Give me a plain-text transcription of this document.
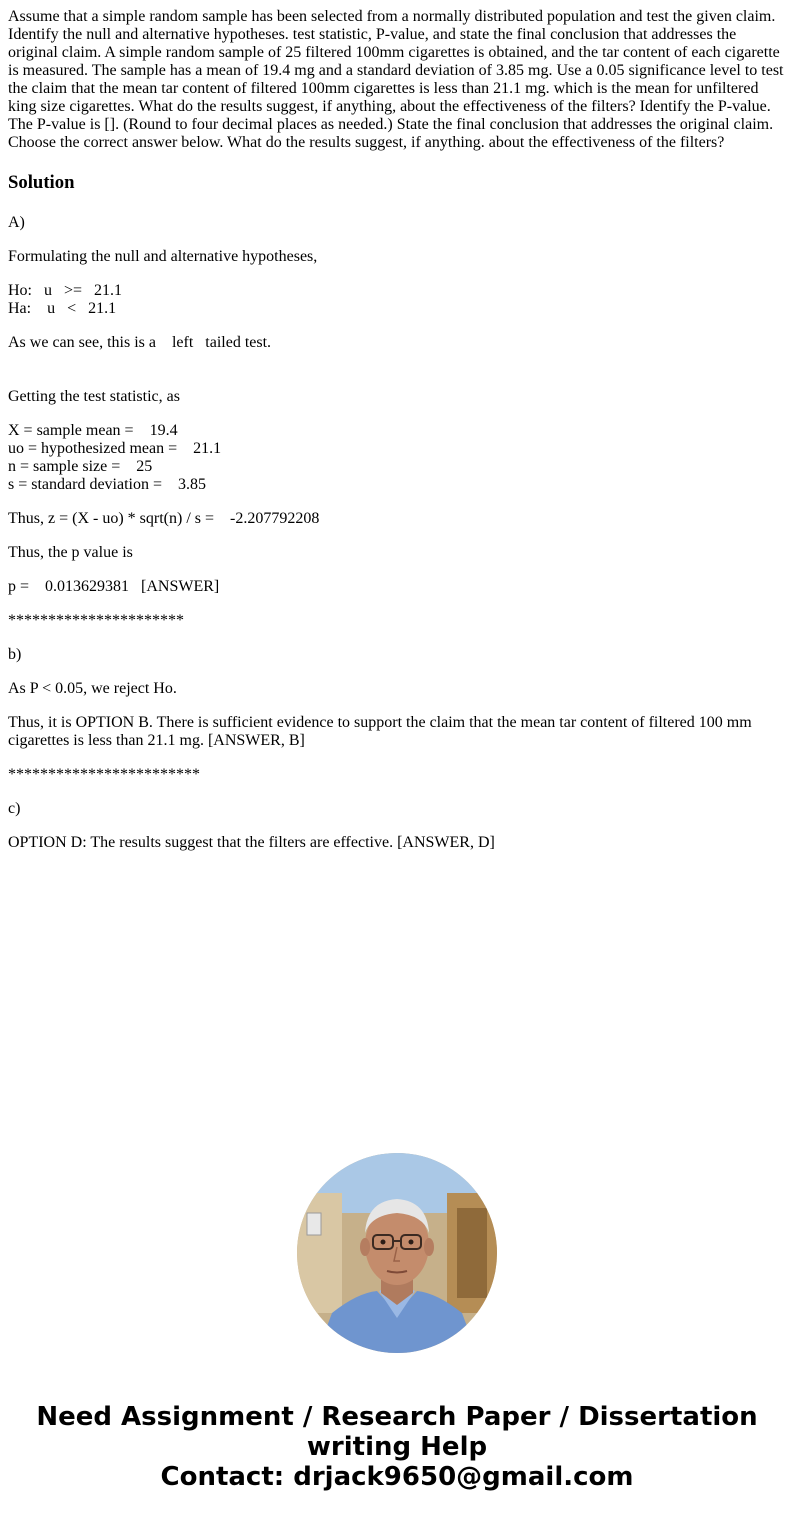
Assume that a simple random sample has been selected from a normally distributed population and test the given claim. Identify the null and alternative hypotheses. test statistic, P-value, and state the final conclusion that addresses the original claim. A simple random sample of 25 filtered 100mm cigarettes is obtained, and the tar content of each cigarette is measured. The sample has a mean of 19.4 mg and a standard deviation of 3.85 mg. Use a 0.05 significance level to test the claim that the mean tar content of filtered 100mm cigarettes is less than 21.1 mg. which is the mean for unfiltered king size cigarettes. What do the results suggest, if anything, about the effectiveness of the filters? Identify the P-value. The P-value is []. (Round to four decimal places as needed.) State the final conclusion that addresses the original claim. Choose the correct answer below. What do the results suggest, if anything. about the effectiveness of the filters?
Solution

A)

Formulating the null and alternative hypotheses,

Ho:   u   >=   21.1

Ha:    u   <   21.1

As we can see, this is a    left   tailed test.

Getting the test statistic, as

X = sample mean =    19.4

uo = hypothesized mean =    21.1

n = sample size =    25

s = standard deviation =    3.85

Thus, z = (X - uo) * sqrt(n) / s =    -2.207792208

Thus, the p value is

p =    0.013629381   [ANSWER]

**********************

b)

As P < 0.05, we reject Ho.

Thus, it is OPTION B. There is sufficient evidence to support the claim that the mean tar content of filtered 100 mm cigarettes is less than 21.1 mg. [ANSWER, B]

************************

c)

OPTION D: The results suggest that the filters are effective. [ANSWER, D]

Need Assignment / Research Paper / Dissertation
writing Help
Contact: drjack9650@gmail.com
